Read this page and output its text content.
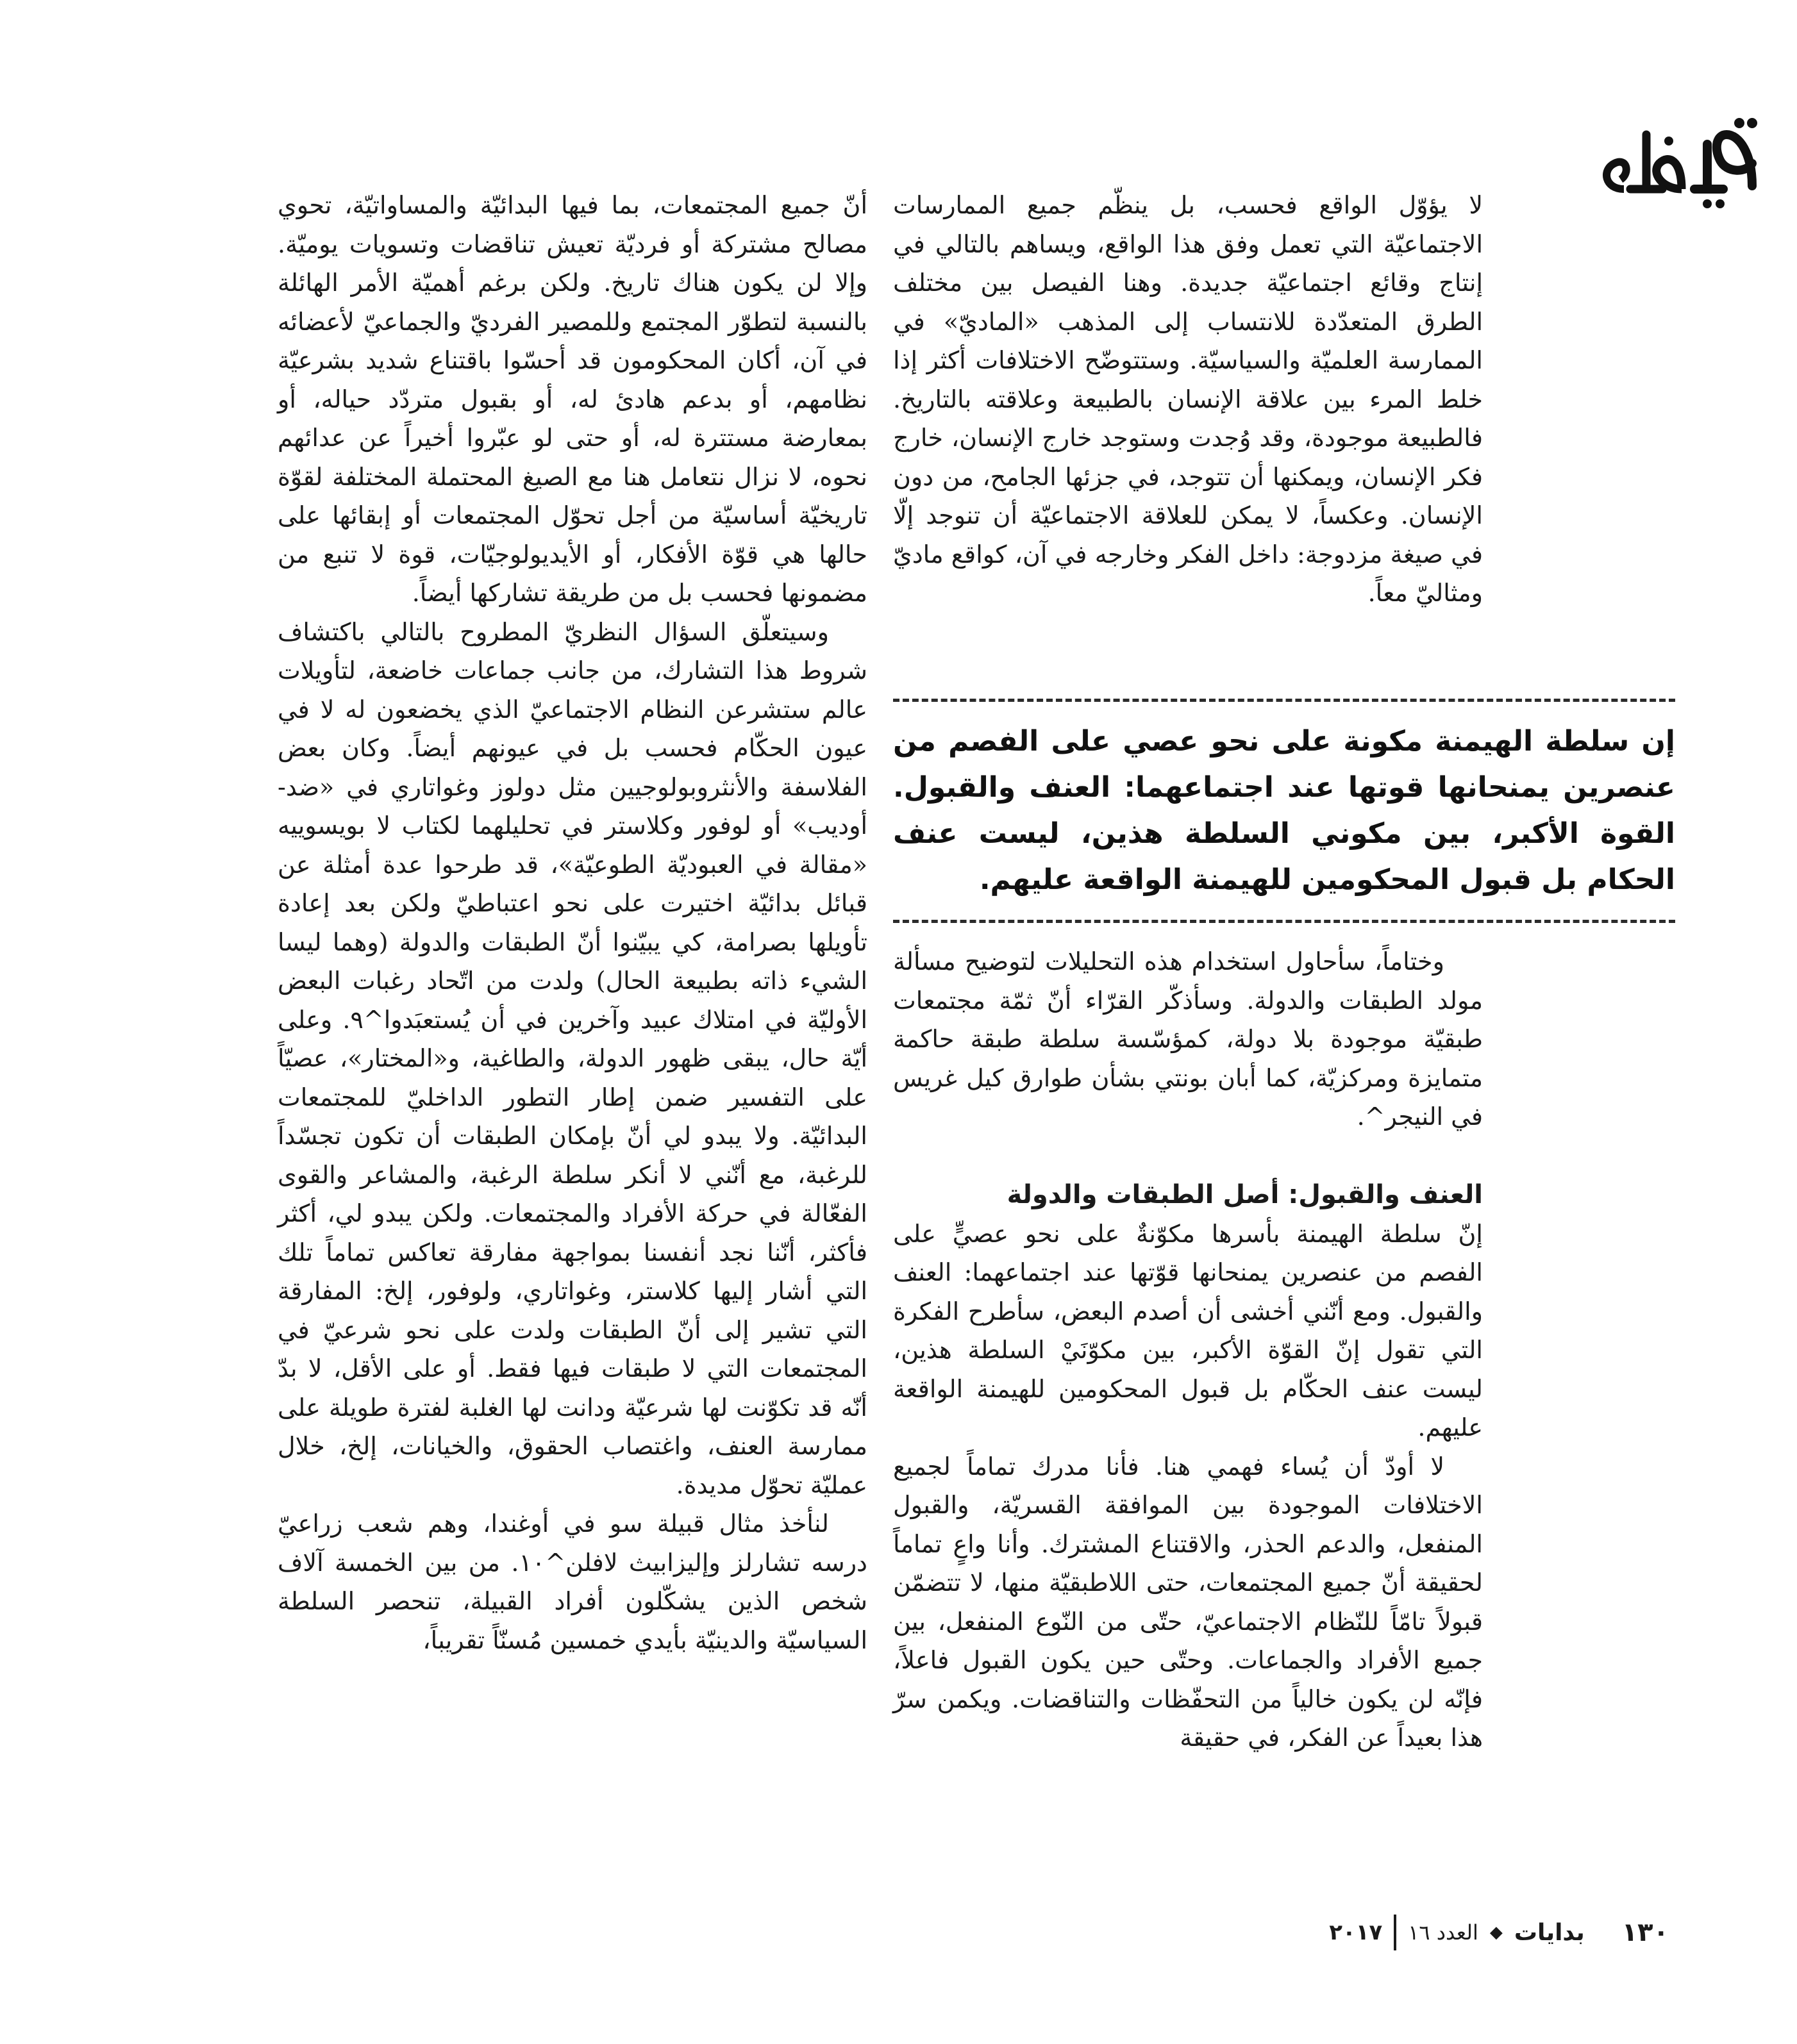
لا يؤوّل الواقع فحسب، بل ينظّم جميع الممارسات الاجتماعيّة التي تعمل وفق هذا الواقع، ويساهم بالتالي في إنتاج وقائع اجتماعيّة جديدة. وهنا الفيصل بين مختلف الطرق المتعدّدة للانتساب إلى المذهب «الماديّ» في الممارسة العلميّة والسياسيّة. وستتوضّح الاختلافات أكثر إذا خلط المرء بين علاقة الإنسان بالطبيعة وعلاقته بالتاريخ. فالطبيعة موجودة، وقد وُجدت وستوجد خارج الإنسان، خارج فكر الإنسان، ويمكنها أن تتوجد، في جزئها الجامح، من دون الإنسان. وعكساً، لا يمكن للعلاقة الاجتماعيّة أن تنوجد إلّا في صيغة مزدوجة: داخل الفكر وخارجه في آن، كواقع ماديّ ومثاليّ معاً.

إن سلطة الهيمنة مكونة على نحو عصي على الفصم من عنصرين يمنحانها قوتها عند اجتماعهما: العنف والقبول. القوة الأكبر، بين مكوني السلطة هذين، ليست عنف الحكام بل قبول المحكومين للهيمنة الواقعة عليهم.

وختاماً، سأحاول استخدام هذه التحليلات لتوضيح مسألة مولد الطبقات والدولة. وسأذكّر القرّاء أنّ ثمّة مجتمعات طبقيّة موجودة بلا دولة، كمؤسّسة سلطة طبقة حاكمة متمايزة ومركزيّة، كما أبان بونتي بشأن طوارق كيل غريس في النيجر^.

العنف والقبول: أصل الطبقات والدولة

إنّ سلطة الهيمنة بأسرها مكوّنةٌ على نحو عصيٍّ على الفصم من عنصرين يمنحانها قوّتها عند اجتماعهما: العنف والقبول. ومع أنّني أخشى أن أصدم البعض، سأطرح الفكرة التي تقول إنّ القوّة الأكبر، بين مكوّنَيْ السلطة هذين، ليست عنف الحكّام بل قبول المحكومين للهيمنة الواقعة عليهم.

لا أودّ أن يُساء فهمي هنا. فأنا مدرك تماماً لجميع الاختلافات الموجودة بين الموافقة القسريّة، والقبول المنفعل، والدعم الحذر، والاقتناع المشترك. وأنا واعٍ تماماً لحقيقة أنّ جميع المجتمعات، حتى اللاطبقيّة منها، لا تتضمّن قبولاً تامّاً للنّظام الاجتماعيّ، حتّى من النّوع المنفعل، بين جميع الأفراد والجماعات. وحتّى حين يكون القبول فاعلاً، فإنّه لن يكون خالياً من التحفّظات والتناقضات. ويكمن سرّ هذا بعيداً عن الفكر، في حقيقة

أنّ جميع المجتمعات، بما فيها البدائيّة والمساواتيّة، تحوي مصالح مشتركة أو فرديّة تعيش تناقضات وتسويات يوميّة. وإلا لن يكون هناك تاريخ. ولكن برغم أهميّة الأمر الهائلة بالنسبة لتطوّر المجتمع وللمصير الفرديّ والجماعيّ لأعضائه في آن، أكان المحكومون قد أحسّوا باقتناع شديد بشرعيّة نظامهم، أو بدعم هادئ له، أو بقبول متردّد حياله، أو بمعارضة مستترة له، أو حتى لو عبّروا أخيراً عن عدائهم نحوه، لا نزال نتعامل هنا مع الصيغ المحتملة المختلفة لقوّة تاريخيّة أساسيّة من أجل تحوّل المجتمعات أو إبقائها على حالها هي قوّة الأفكار، أو الأيديولوجيّات، قوة لا تنبع من مضمونها فحسب بل من طريقة تشاركها أيضاً.

وسيتعلّق السؤال النظريّ المطروح بالتالي باكتشاف شروط هذا التشارك، من جانب جماعات خاضعة، لتأويلات عالم ستشرعن النظام الاجتماعيّ الذي يخضعون له لا في عيون الحكّام فحسب بل في عيونهم أيضاً. وكان بعض الفلاسفة والأنثروبولوجيين مثل دولوز وغواتاري في «ضد-أوديب» أو لوفور وكلاستر في تحليلهما لكتاب لا بويسوييه «مقالة في العبوديّة الطوعيّة»، قد طرحوا عدة أمثلة عن قبائل بدائيّة اختيرت على نحو اعتباطيّ ولكن بعد إعادة تأويلها بصرامة، كي يبيّنوا أنّ الطبقات والدولة (وهما ليسا الشيء ذاته بطبيعة الحال) ولدت من اتّحاد رغبات البعض الأوليّة في امتلاك عبيد وآخرين في أن يُستعبَدوا^٩. وعلى أيّة حال، يبقى ظهور الدولة، والطاغية، و«المختار»، عصيّاً على التفسير ضمن إطار التطور الداخليّ للمجتمعات البدائيّة. ولا يبدو لي أنّ بإمكان الطبقات أن تكون تجسّداً للرغبة، مع أنّني لا أنكر سلطة الرغبة، والمشاعر والقوى الفعّالة في حركة الأفراد والمجتمعات. ولكن يبدو لي، أكثر فأكثر، أنّنا نجد أنفسنا بمواجهة مفارقة تعاكس تماماً تلك التي أشار إليها كلاستر، وغواتاري، ولوفور، إلخ: المفارقة التي تشير إلى أنّ الطبقات ولدت على نحو شرعيّ في المجتمعات التي لا طبقات فيها فقط. أو على الأقل، لا بدّ أنّه قد تكوّنت لها شرعيّة ودانت لها الغلبة لفترة طويلة على ممارسة العنف، واغتصاب الحقوق، والخيانات، إلخ، خلال عمليّة تحوّل مديدة.

لنأخذ مثال قبيلة سو في أوغندا، وهم شعب زراعيّ درسه تشارلز وإليزابيث لافلن^١٠. من بين الخمسة آلاف شخص الذين يشكّلون أفراد القبيلة، تنحصر السلطة السياسيّة والدينيّة بأيدي خمسين مُسنّاً تقريباً،

١٣٠
بدايات
◆
العدد ١٦
٢٠١٧
